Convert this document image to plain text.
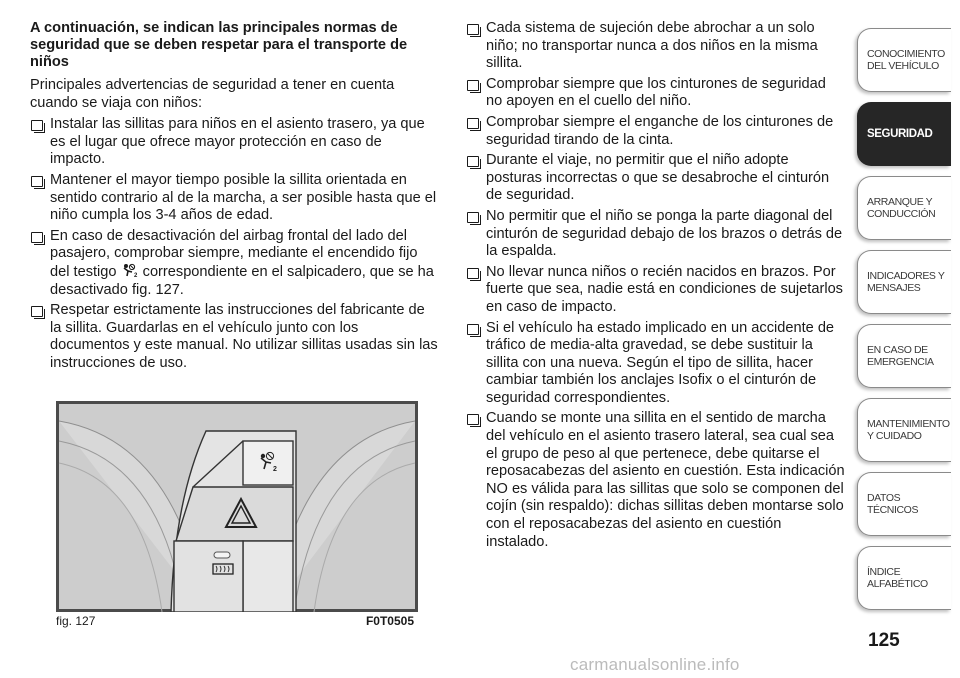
A continuación, se indican las principales normas de seguridad que se deben respetar para el transporte de niños

Principales advertencias de seguridad a tener en cuenta cuando se viaja con niños:

Instalar las sillitas para niños en el asiento trasero, ya que es el lugar que ofrece mayor protección en caso de impacto.
Mantener el mayor tiempo posible la sillita orientada en sentido contrario al de la marcha, a ser posible hasta que el niño cumpla los 3-4 años de edad.
En caso de desactivación del airbag frontal del lado del pasajero, comprobar siempre, mediante el encendido fijo del testigo 2 correspondiente en el salpicadero, que se ha desactivado fig. 127.
Respetar estrictamente las instrucciones del fabricante de la sillita. Guardarlas en el vehículo junto con los documentos y este manual. No utilizar sillitas usadas sin las instrucciones de uso.
2
fig. 127	F0T0505
Cada sistema de sujeción debe abrochar a un solo niño; no transportar nunca a dos niños en la misma sillita.
Comprobar siempre que los cinturones de seguridad no apoyen en el cuello del niño.
Comprobar siempre el enganche de los cinturones de seguridad tirando de la cinta.
Durante el viaje, no permitir que el niño adopte posturas incorrectas o que se desabroche el cinturón de seguridad.
No permitir que el niño se ponga la parte diagonal del cinturón de seguridad debajo de los brazos o detrás de la espalda.
No llevar nunca niños o recién nacidos en brazos. Por fuerte que sea, nadie está en condiciones de sujetarlos en caso de impacto.
Si el vehículo ha estado implicado en un accidente de tráfico de media-alta gravedad, se debe sustituir la sillita con una nueva. Según el tipo de sillita, hacer cambiar también los anclajes Isofix o el cinturón de seguridad correspondientes.
Cuando se monte una sillita en el sentido de marcha del vehículo en el asiento trasero lateral, sea cual sea el grupo de peso al que pertenece, debe quitarse el reposacabezas del asiento en cuestión. Esta indicación NO es válida para las sillitas que solo se componen del cojín (sin respaldo): dichas sillitas deben montarse solo con el reposacabezas del asiento en cuestión instalado.
CONOCIMIENTO DEL VEHÍCULO
SEGURIDAD
ARRANQUE Y CONDUCCIÓN
INDICADORES Y MENSAJES
EN CASO DE EMERGENCIA
MANTENIMIENTO Y CUIDADO
DATOS TÉCNICOS
ÍNDICE ALFABÉTICO
125
carmanualsonline.info
